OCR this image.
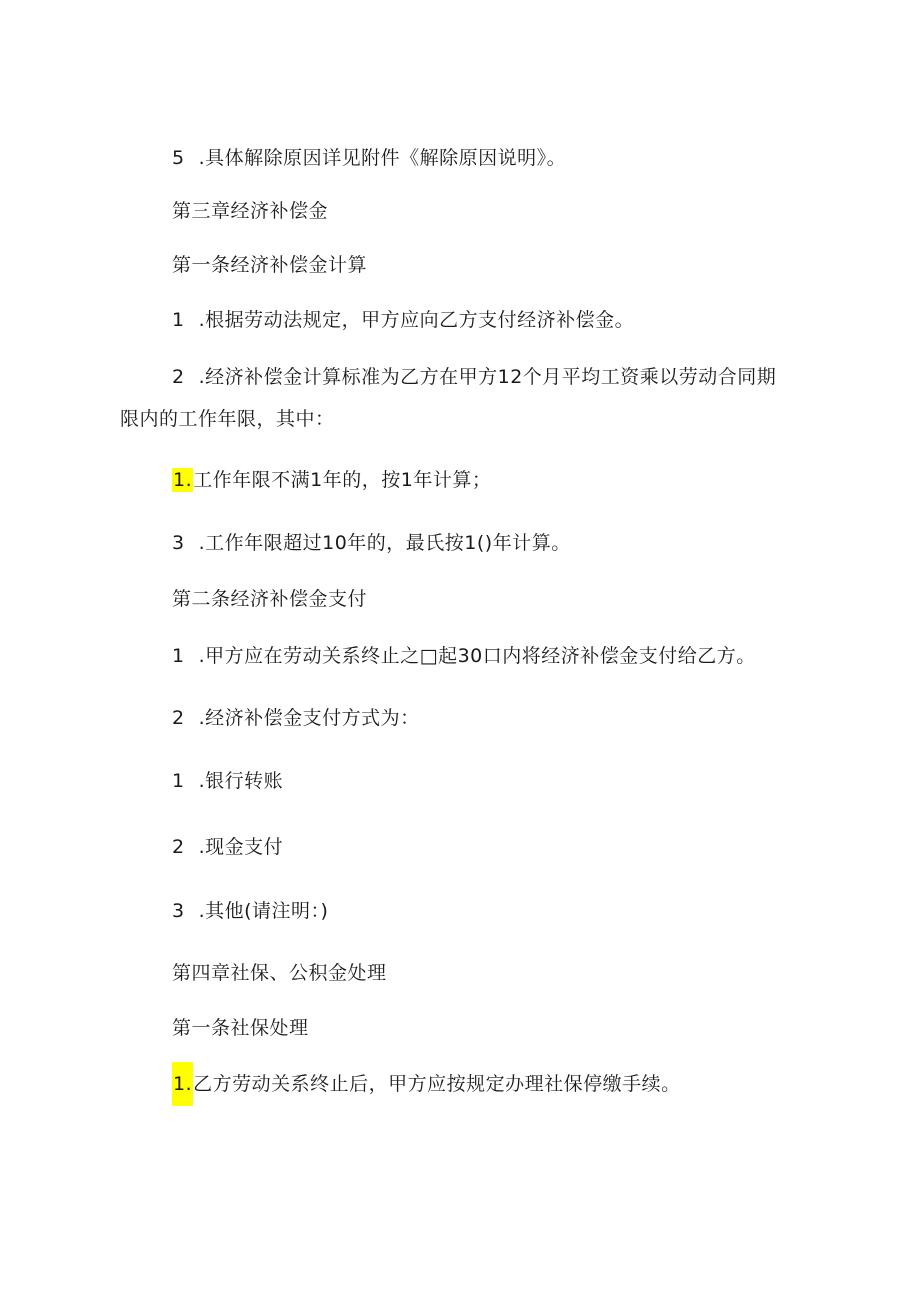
5 .具体解除原因详见附件《解除原因说明》。
第三章经济补偿金
第一条经济补偿金计算
1 .根据劳动法规定，甲方应向乙方支付经济补偿金。
2 .经济补偿金计算标准为乙方在甲方12个月平均工资乘以劳动合同期
限内的工作年限，其中：
1.工作年限不满1年的，按1年计算；
3 .工作年限超过10年的，最氏按1()年计算。
第二条经济补偿金支付
1 .甲方应在劳动关系终止之□起30口内将经济补偿金支付给乙方。
2 .经济补偿金支付方式为：
1 .银行转账
2 .现金支付
3 .其他(请注明：)
第四章社保、公积金处理
第一条社保处理
1.乙方劳动关系终止后，甲方应按规定办理社保停缴手续。
